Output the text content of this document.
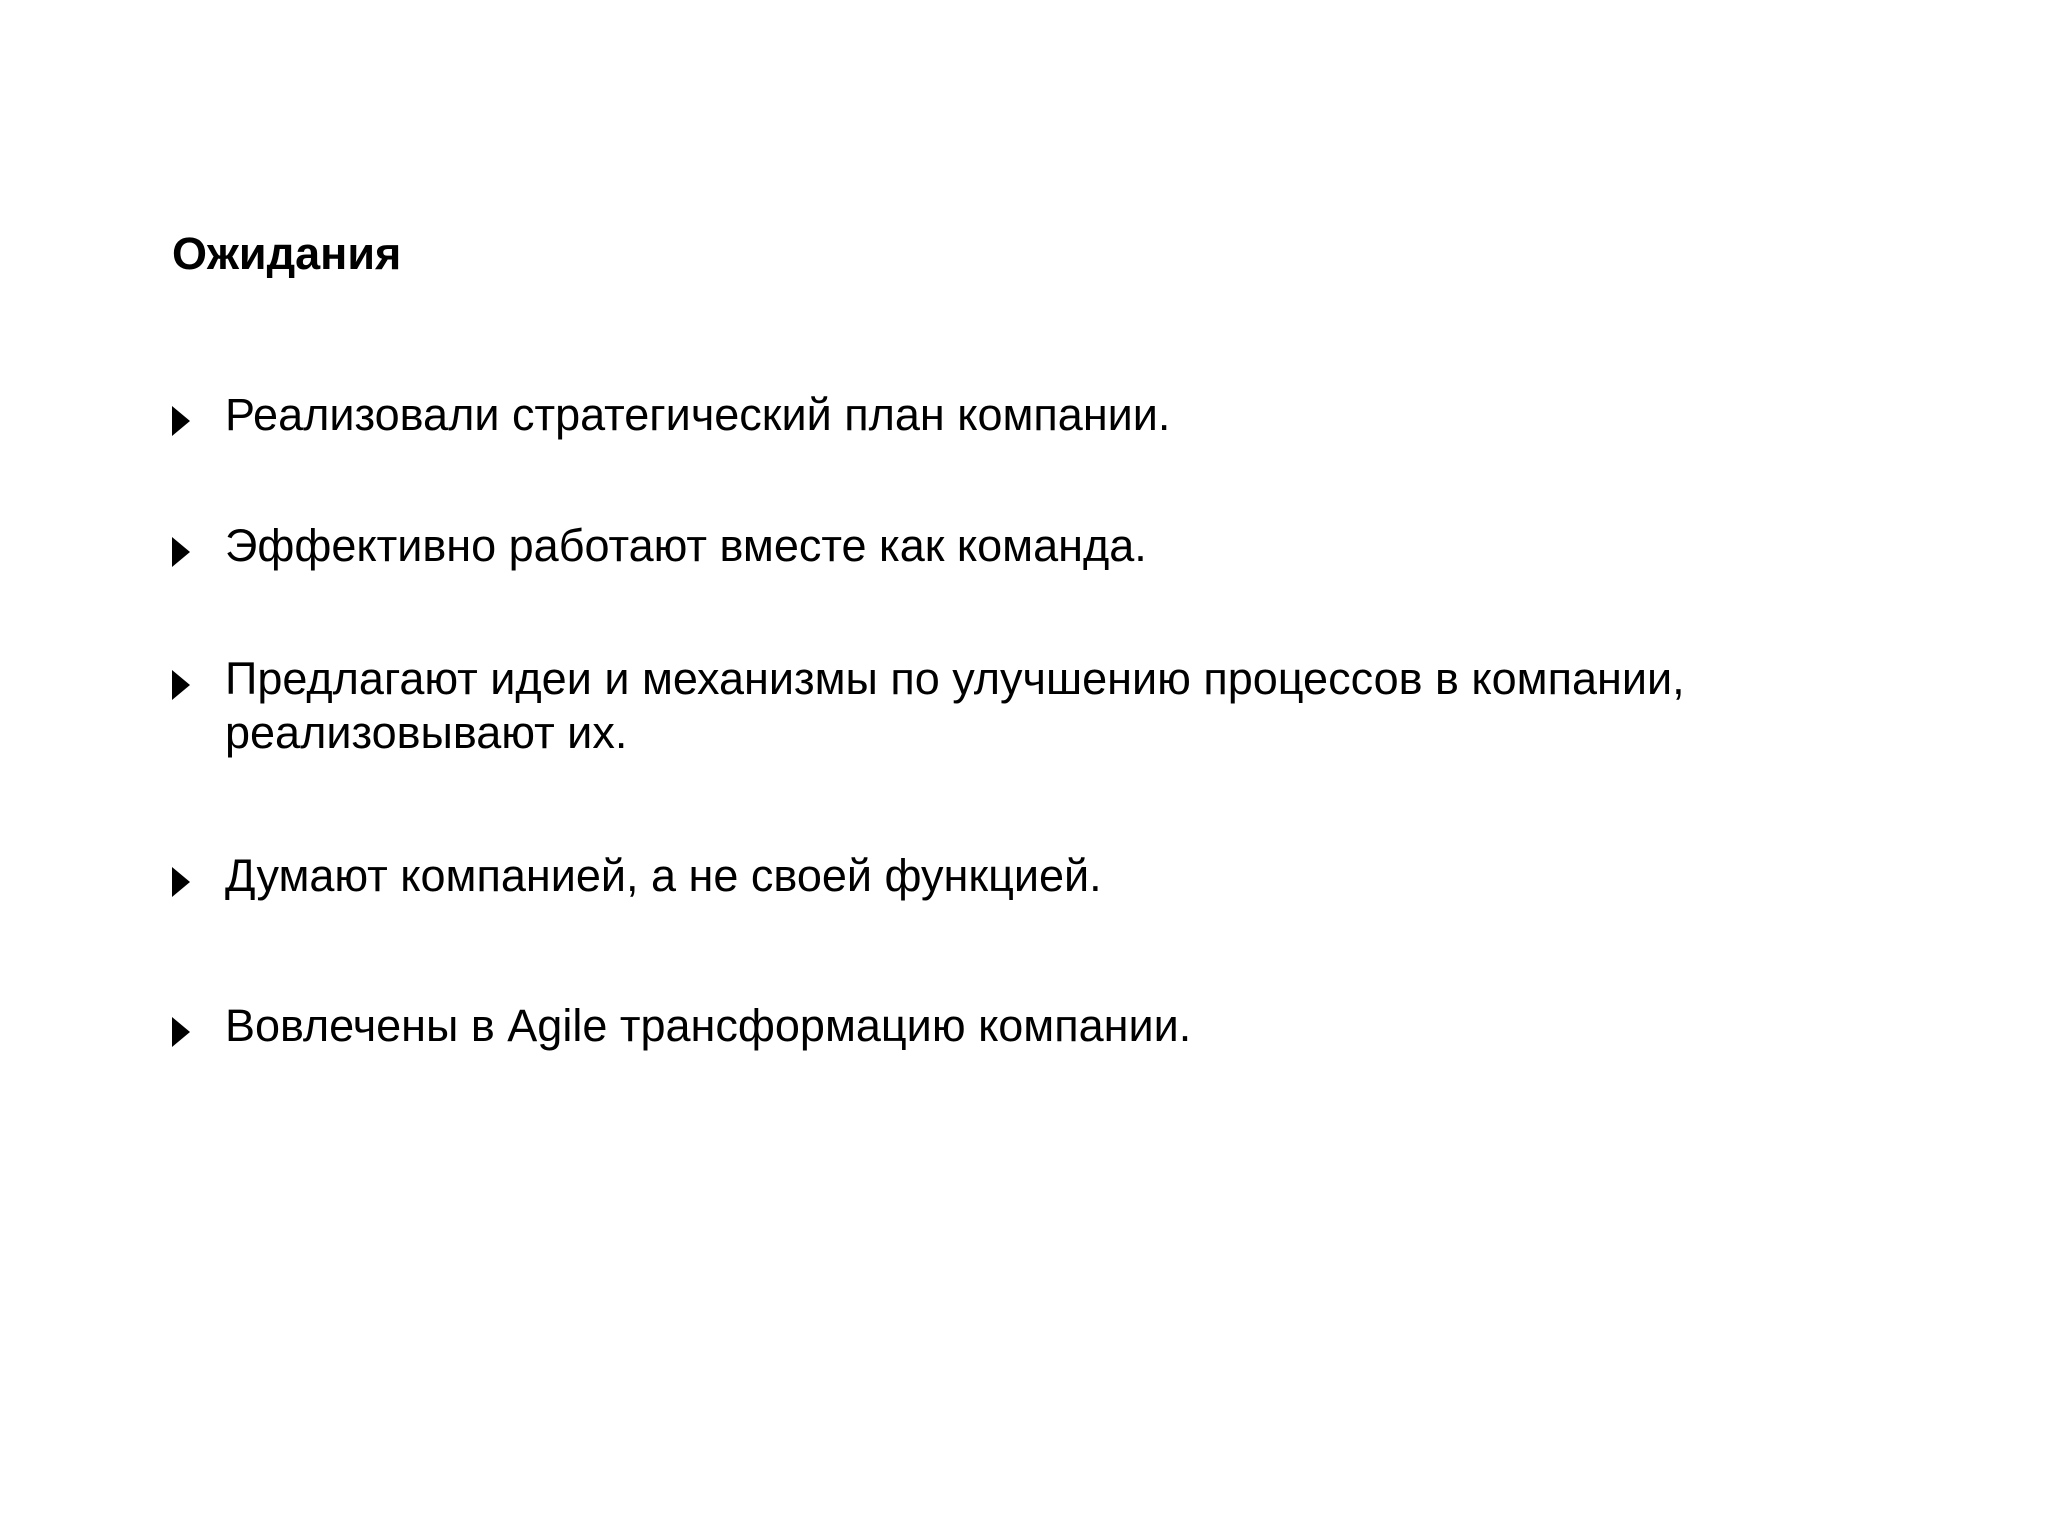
Ожидания
Реализовали стратегический план компании.
Эффективно работают вместе как команда.
Предлагают идеи и механизмы по улучшению процессов в компании, реализовывают их.
Думают компанией, а не своей функцией.
Вовлечены в Agile трансформацию компании.
